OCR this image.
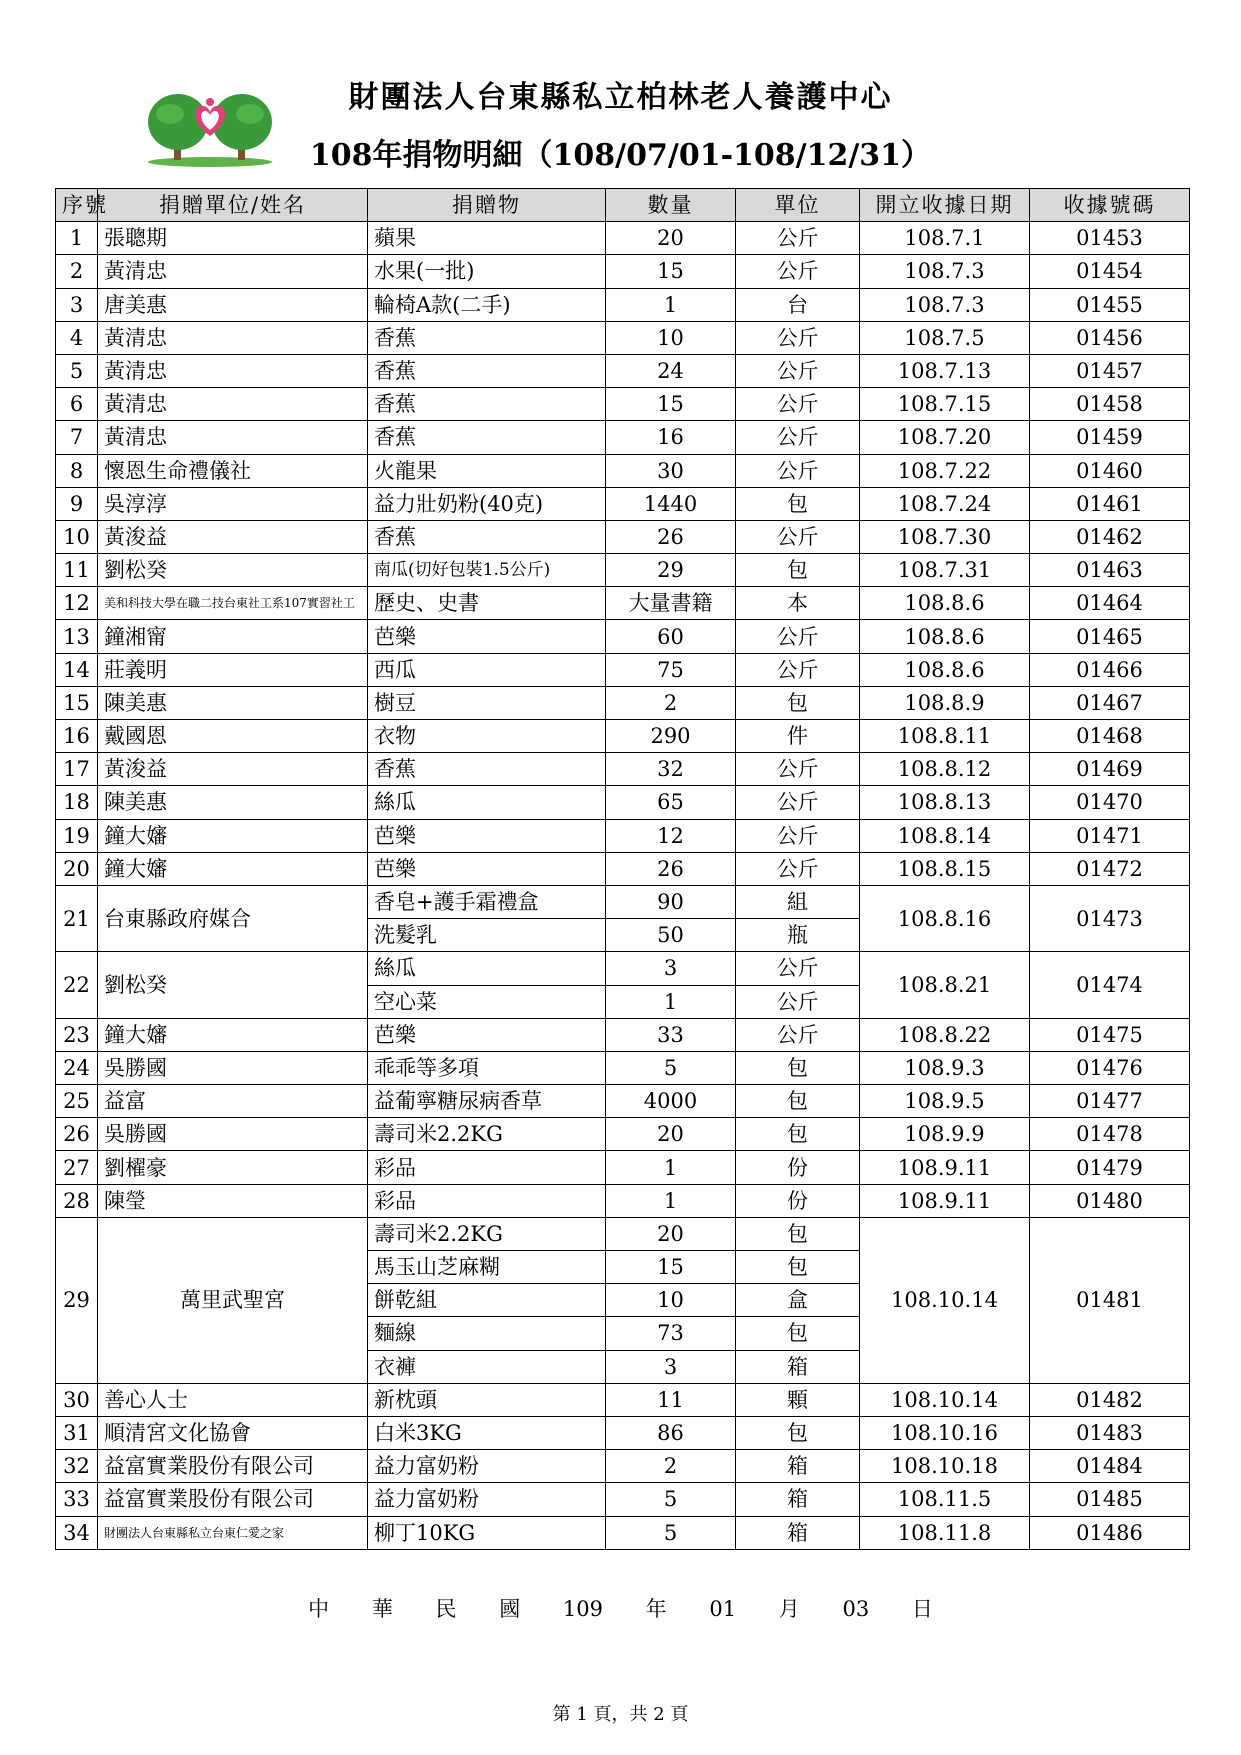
財團法人台東縣私立柏林老人養護中心
108年捐物明細（108/07/01-108/12/31）
序號	捐贈單位/姓名	捐贈物	數量	單位	開立收據日期	收據號碼
1	張聰期	蘋果	20	公斤	108.7.1	01453
2	黃清忠	水果(一批)	15	公斤	108.7.3	01454
3	唐美惠	輪椅A款(二手)	1	台	108.7.3	01455
4	黃清忠	香蕉	10	公斤	108.7.5	01456
5	黃清忠	香蕉	24	公斤	108.7.13	01457
6	黃清忠	香蕉	15	公斤	108.7.15	01458
7	黃清忠	香蕉	16	公斤	108.7.20	01459
8	懷恩生命禮儀社	火龍果	30	公斤	108.7.22	01460
9	吳淳淳	益力壯奶粉(40克)	1440	包	108.7.24	01461
10	黃浚益	香蕉	26	公斤	108.7.30	01462
11	劉松癸	南瓜(切好包裝1.5公斤)	29	包	108.7.31	01463
12	美和科技大學在職二技台東社工系107實習社工	歷史、史書	大量書籍	本	108.8.6	01464
13	鐘湘甯	芭樂	60	公斤	108.8.6	01465
14	莊義明	西瓜	75	公斤	108.8.6	01466
15	陳美惠	樹豆	2	包	108.8.9	01467
16	戴國恩	衣物	290	件	108.8.11	01468
17	黃浚益	香蕉	32	公斤	108.8.12	01469
18	陳美惠	絲瓜	65	公斤	108.8.13	01470
19	鐘大嬸	芭樂	12	公斤	108.8.14	01471
20	鐘大嬸	芭樂	26	公斤	108.8.15	01472
21	台東縣政府媒合	香皂+護手霜禮盒	90	組	108.8.16	01473
		洗髮乳	50	瓶		
22	劉松癸	絲瓜	3	公斤	108.8.21	01474
		空心菜	1	公斤		
23	鐘大嬸	芭樂	33	公斤	108.8.22	01475
24	吳勝國	乖乖等多項	5	包	108.9.3	01476
25	益富	益葡寧糖尿病香草	4000	包	108.9.5	01477
26	吳勝國	壽司米2.2KG	20	包	108.9.9	01478
27	劉櫂豪	彩品	1	份	108.9.11	01479
28	陳瑩	彩品	1	份	108.9.11	01480
29	萬里武聖宮	壽司米2.2KG	20	包	108.10.14	01481
		馬玉山芝麻糊	15	包		
		餅乾組	10	盒		
		麵線	73	包		
		衣褲	3	箱		
30	善心人士	新枕頭	11	顆	108.10.14	01482
31	順清宮文化協會	白米3KG	86	包	108.10.16	01483
32	益富實業股份有限公司	益力富奶粉	2	箱	108.10.18	01484
33	益富實業股份有限公司	益力富奶粉	5	箱	108.11.5	01485
34	財團法人台東縣私立台東仁愛之家	柳丁10KG	5	箱	108.11.8	01486
中 華 民 國 109 年 01 月 03 日
第 1 頁，共 2 頁
